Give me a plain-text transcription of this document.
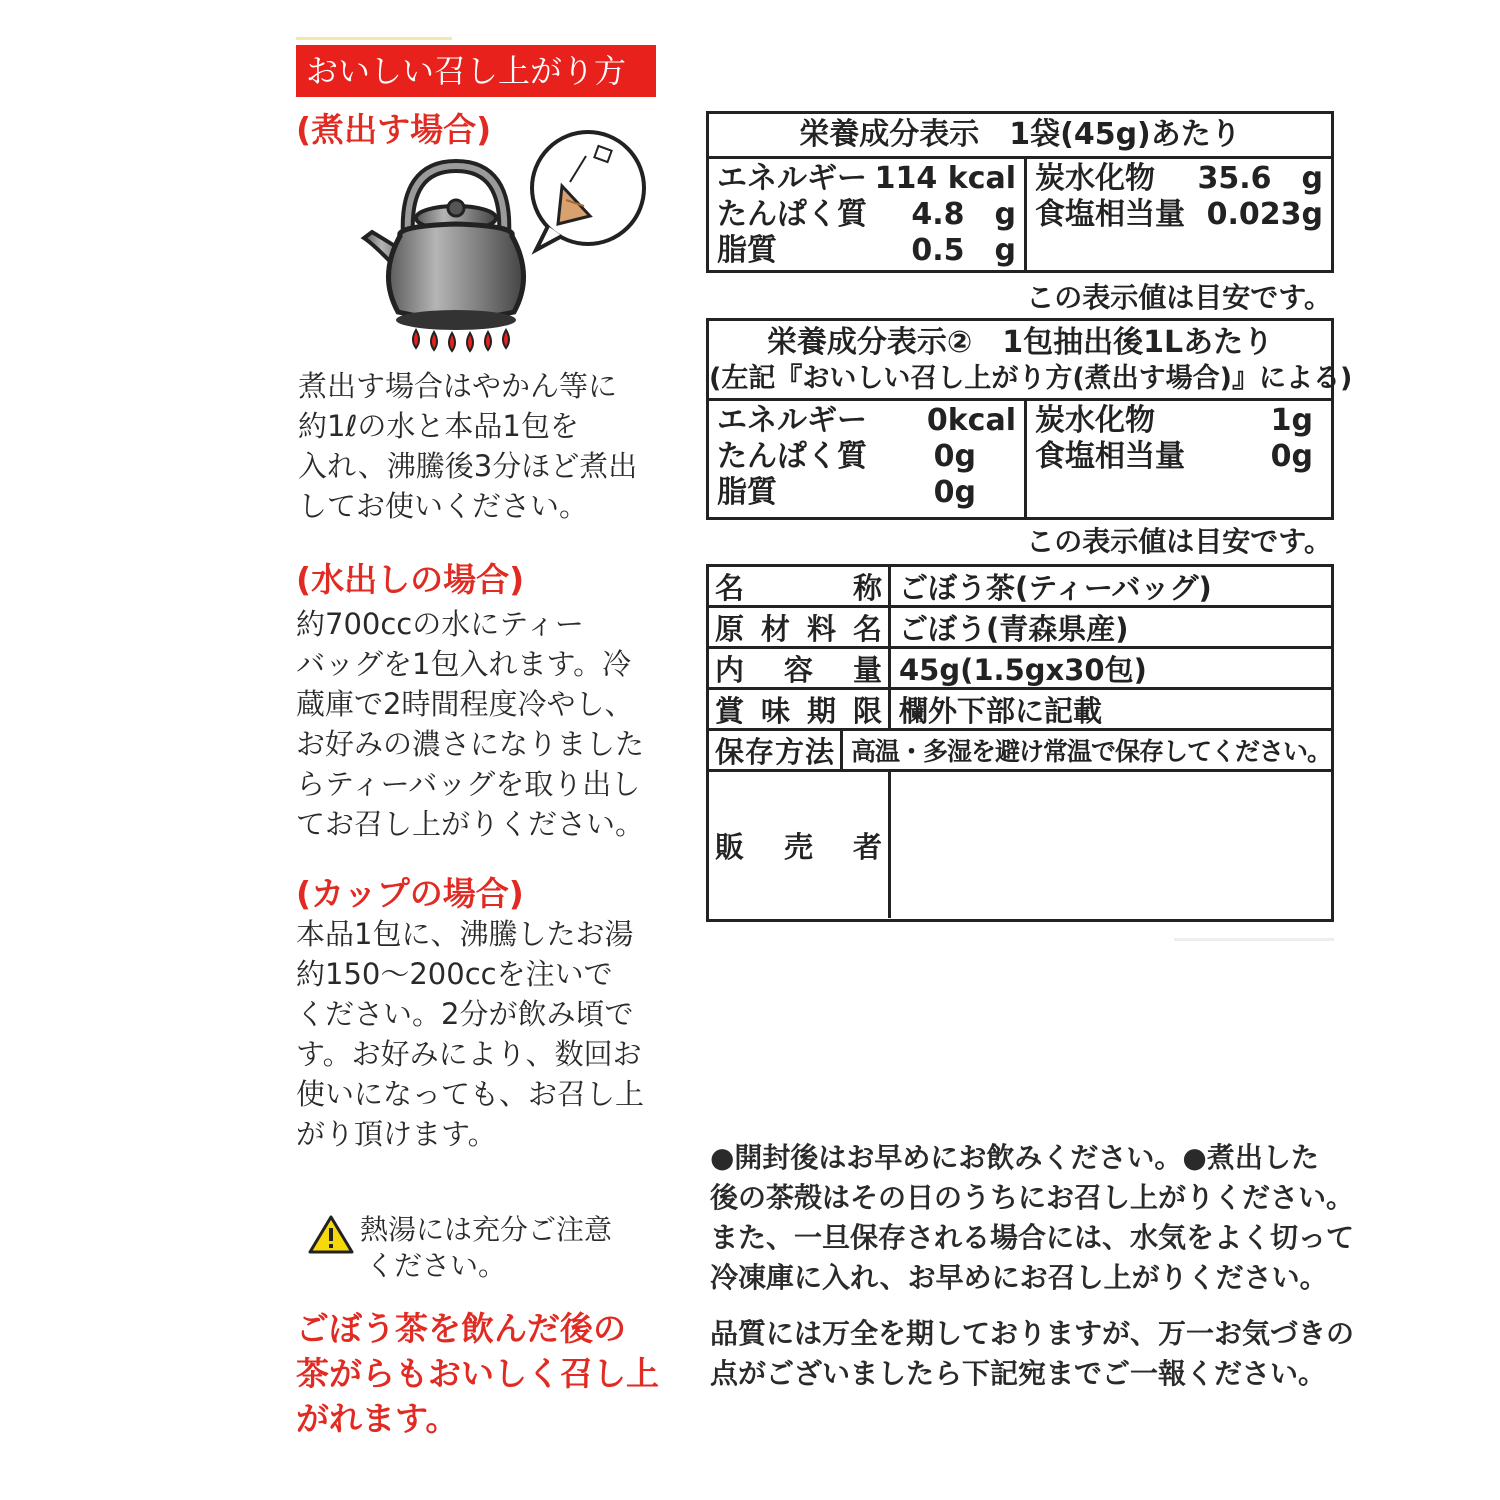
おいしい召し上がり方
(煮出す場合)
煮出す場合はやかん等に
約1ℓの水と本品1包を
入れ、沸騰後3分ほど煮出
してお使いください。
(水出しの場合)
約700ccの水にティー
バッグを1包入れます。冷
蔵庫で2時間程度冷やし、
お好みの濃さになりました
らティーバッグを取り出し
てお召し上がりください。
(カップの場合)
本品1包に、沸騰したお湯
約150〜200ccを注いで
ください。2分が飲み頃で
す。お好みにより、数回お
使いになっても、お召し上
がり頂けます。
熱湯には充分ご注意
ください。
ごぼう茶を飲んだ後の
茶がらもおいしく召し上
がれます。
栄養成分表示　1袋(45g)あたり
エネルギー 114 kcal
たんぱく質 4.8　g
脂質	0.5　g
炭水化物 35.6　g
食塩相当量 0.023g
この表示値は目安です。
栄養成分表示②　1包抽出後1Lあたり
(左記『おいしい召し上がり方(煮出す場合)』による)
エネルギー 0kcal
たんぱく質 0g
脂質	0g
炭水化物	1g
食塩相当量	0g
この表示値は目安です。
名	称 ごぼう茶(ティーバッグ)
原 材 料 名 ごぼう(青森県産)
内 容 量 45g(1.5gx30包)
賞 味 期 限 欄外下部に記載
保 存 方 法 高温・多湿を避け常温で保存してください。
販 売 者
●開封後はお早めにお飲みください。●煮出した
後の茶殻はその日のうちにお召し上がりください。
また、一旦保存される場合には、水気をよく切って
冷凍庫に入れ、お早めにお召し上がりください。
品質には万全を期しておりますが、万一お気づきの
点がございましたら下記宛までご一報ください。
